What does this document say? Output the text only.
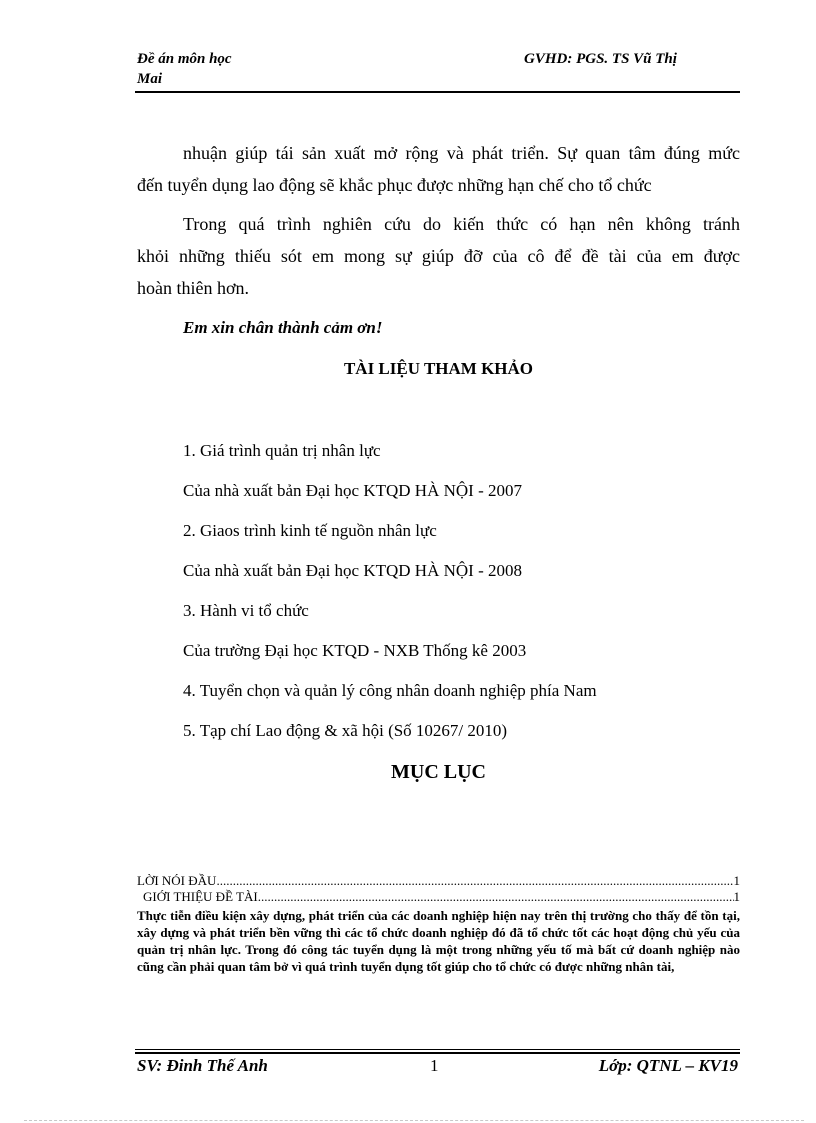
Đề án môn học
Mai
GVHD: PGS. TS Vũ Thị
nhuận giúp tái sản xuất mở rộng và phát triển. Sự quan tâm đúng mức
đến tuyển dụng lao động sẽ khắc phục được những hạn chế cho tổ chức
Trong quá trình nghiên cứu do kiến thức có hạn nên không tránh
khỏi những thiếu sót em mong sự giúp đỡ của cô để đề tài của em được
hoàn thiên hơn.
Em xin chân thành cảm ơn!
TÀI LIỆU THAM KHẢO
1. Giá trình quản trị nhân lực
Của nhà xuất bản Đại học KTQD HÀ NỘI - 2007
2. Giaos trình kinh tế nguồn nhân lực
Của nhà xuất bản Đại học KTQD HÀ NỘI - 2008
3. Hành vi tổ chức
Của trường Đại học KTQD - NXB Thống kê 2003
4. Tuyển chọn và quản lý công nhân doanh nghiệp phía Nam
5. Tạp chí Lao động & xã hội (Số 10267/ 2010)
MỤC LỤC
LỜI NÓI ĐẦU .....	1
GIỚI THIỆU ĐỀ TÀI .....	1
Thực tiễn điều kiện xây dựng, phát triển của các doanh nghiệp hiện nay trên thị trường cho thấy để tồn tại, xây dựng và phát triển bền vững thì các tổ chức doanh nghiệp đó đã tổ chức tốt các hoạt động chủ yếu của quản trị nhân lực. Trong đó công tác tuyển dụng là một trong những yếu tố mà bất cứ doanh nghiệp nào cũng cần phải quan tâm bở vì quá trình tuyển dụng tốt giúp cho tổ chức có được những nhân tài,
SV: Đinh Thế Anh	1	Lớp: QTNL – KV19
